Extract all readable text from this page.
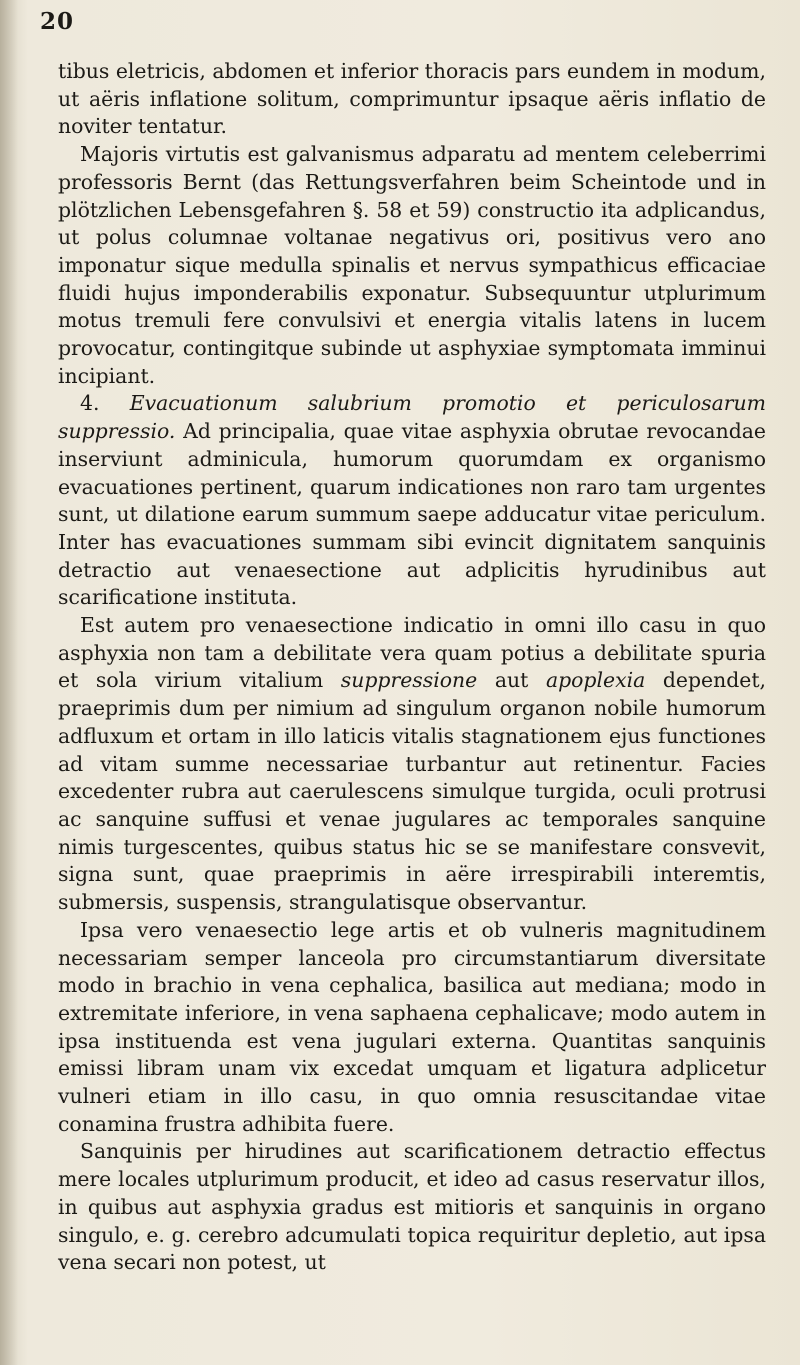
20

tibus eletricis, abdomen et inferior thoracis pars eundem in modum, ut aëris inflatione solitum, comprimuntur ipsaque aëris inflatio de noviter tentatur.

Majoris virtutis est galvanismus adparatu ad mentem celeberrimi professoris Bernt (das Rettungsverfahren beim Scheintode und in plötzlichen Lebensgefahren §. 58 et 59) constructio ita adplicandus, ut polus columnae voltanae negativus ori, positivus vero ano imponatur sique medulla spinalis et nervus sympathicus efficaciae fluidi hujus imponderabilis exponatur. Subsequuntur utplurimum motus tremuli fere convulsivi et energia vitalis latens in lucem provocatur, contingitque subinde ut asphyxiae symptomata imminui incipiant.

4. Evacuationum salubrium promotio et periculosarum suppressio. Ad principalia, quae vitae asphyxia obrutae revocandae inserviunt adminicula, humorum quorumdam ex organismo evacuationes pertinent, quarum indicationes non raro tam urgentes sunt, ut dilatione earum summum saepe adducatur vitae periculum. Inter has evacuationes summam sibi evincit dignitatem sanquinis detractio aut venaesectione aut adplicitis hyrudinibus aut scarificatione instituta.

Est autem pro venaesectione indicatio in omni illo casu in quo asphyxia non tam a debilitate vera quam potius a debilitate spuria et sola virium vitalium suppressione aut apoplexia dependet, praeprimis dum per nimium ad singulum organon nobile humorum adfluxum et ortam in illo laticis vitalis stagnationem ejus functiones ad vitam summe necessariae turbantur aut retinentur. Facies excedenter rubra aut caerulescens simulque turgida, oculi protrusi ac sanquine suffusi et venae jugulares ac temporales sanquine nimis turgescentes, quibus status hic se se manifestare consvevit, signa sunt, quae praeprimis in aëre irrespirabili interemtis, submersis, suspensis, strangulatisque observantur.

Ipsa vero venaesectio lege artis et ob vulneris magnitudinem necessariam semper lanceola pro circumstantiarum diversitate modo in brachio in vena cephalica, basilica aut mediana; modo in extremitate inferiore, in vena saphaena cephalicave; modo autem in ipsa instituenda est vena jugulari externa. Quantitas sanquinis emissi libram unam vix excedat umquam et ligatura adplicetur vulneri etiam in illo casu, in quo omnia resuscitandae vitae conamina frustra adhibita fuere.

Sanquinis per hirudines aut scarificationem detractio effectus mere locales utplurimum producit, et ideo ad casus reservatur illos, in quibus aut asphyxia gradus est mitioris et sanquinis in organo singulo, e. g. cerebro adcumulati topica requiritur depletio, aut ipsa vena secari non potest, ut
